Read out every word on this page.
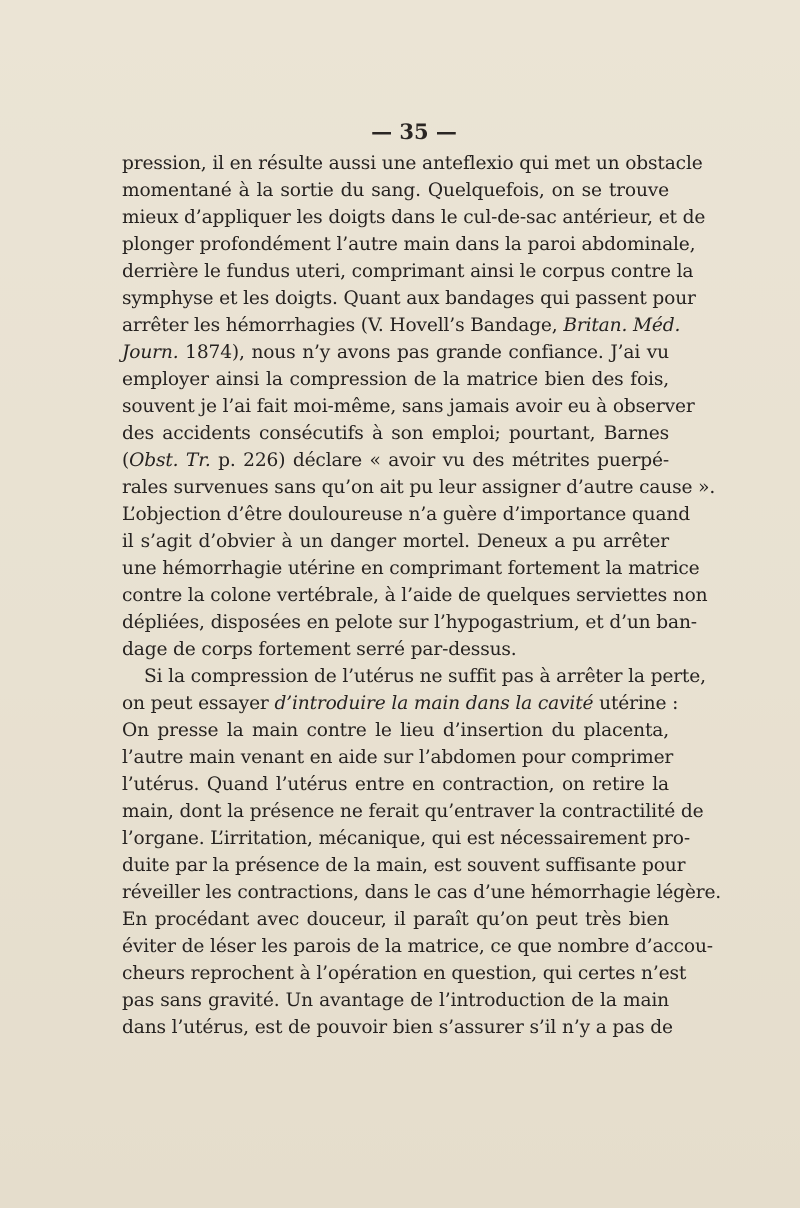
— 35 —
pression, il en résulte aussi une anteflexio qui met un obstacle
momentané à la sortie du sang. Quelquefois, on se trouve
mieux d’appliquer les doigts dans le cul-de-sac antérieur, et de
plonger profondément l’autre main dans la paroi abdominale,
derrière le fundus uteri, comprimant ainsi le corpus contre la
symphyse et les doigts. Quant aux bandages qui passent pour
arrêter les hémorrhagies (V. Hovell’s Bandage, Britan. Méd.
Journ. 1874), nous n’y avons pas grande confiance. J’ai vu
employer ainsi la compression de la matrice bien des fois,
souvent je l’ai fait moi-même, sans jamais avoir eu à observer
des accidents consécutifs à son emploi; pourtant, Barnes
(Obst. Tr. p. 226) déclare « avoir vu des métrites puerpé-
rales survenues sans qu’on ait pu leur assigner d’autre cause ».
L’objection d’être douloureuse n’a guère d’importance quand
il s’agit d’obvier à un danger mortel. Deneux a pu arrêter
une hémorrhagie utérine en comprimant fortement la matrice
contre la colone vertébrale, à l’aide de quelques serviettes non
dépliées, disposées en pelote sur l’hypogastrium, et d’un ban-
dage de corps fortement serré par-dessus.
Si la compression de l’utérus ne suffit pas à arrêter la perte,
on peut essayer d’introduire la main dans la cavité utérine :
On presse la main contre le lieu d’insertion du placenta,
l’autre main venant en aide sur l’abdomen pour comprimer
l’utérus. Quand l’utérus entre en contraction, on retire la
main, dont la présence ne ferait qu’entraver la contractilité de
l’organe. L’irritation, mécanique, qui est nécessairement pro-
duite par la présence de la main, est souvent suffisante pour
réveiller les contractions, dans le cas d’une hémorrhagie légère.
En procédant avec douceur, il paraît qu’on peut très bien
éviter de léser les parois de la matrice, ce que nombre d’accou-
cheurs reprochent à l’opération en question, qui certes n’est
pas sans gravité. Un avantage de l’introduction de la main
dans l’utérus, est de pouvoir bien s’assurer s’il n’y a pas de
